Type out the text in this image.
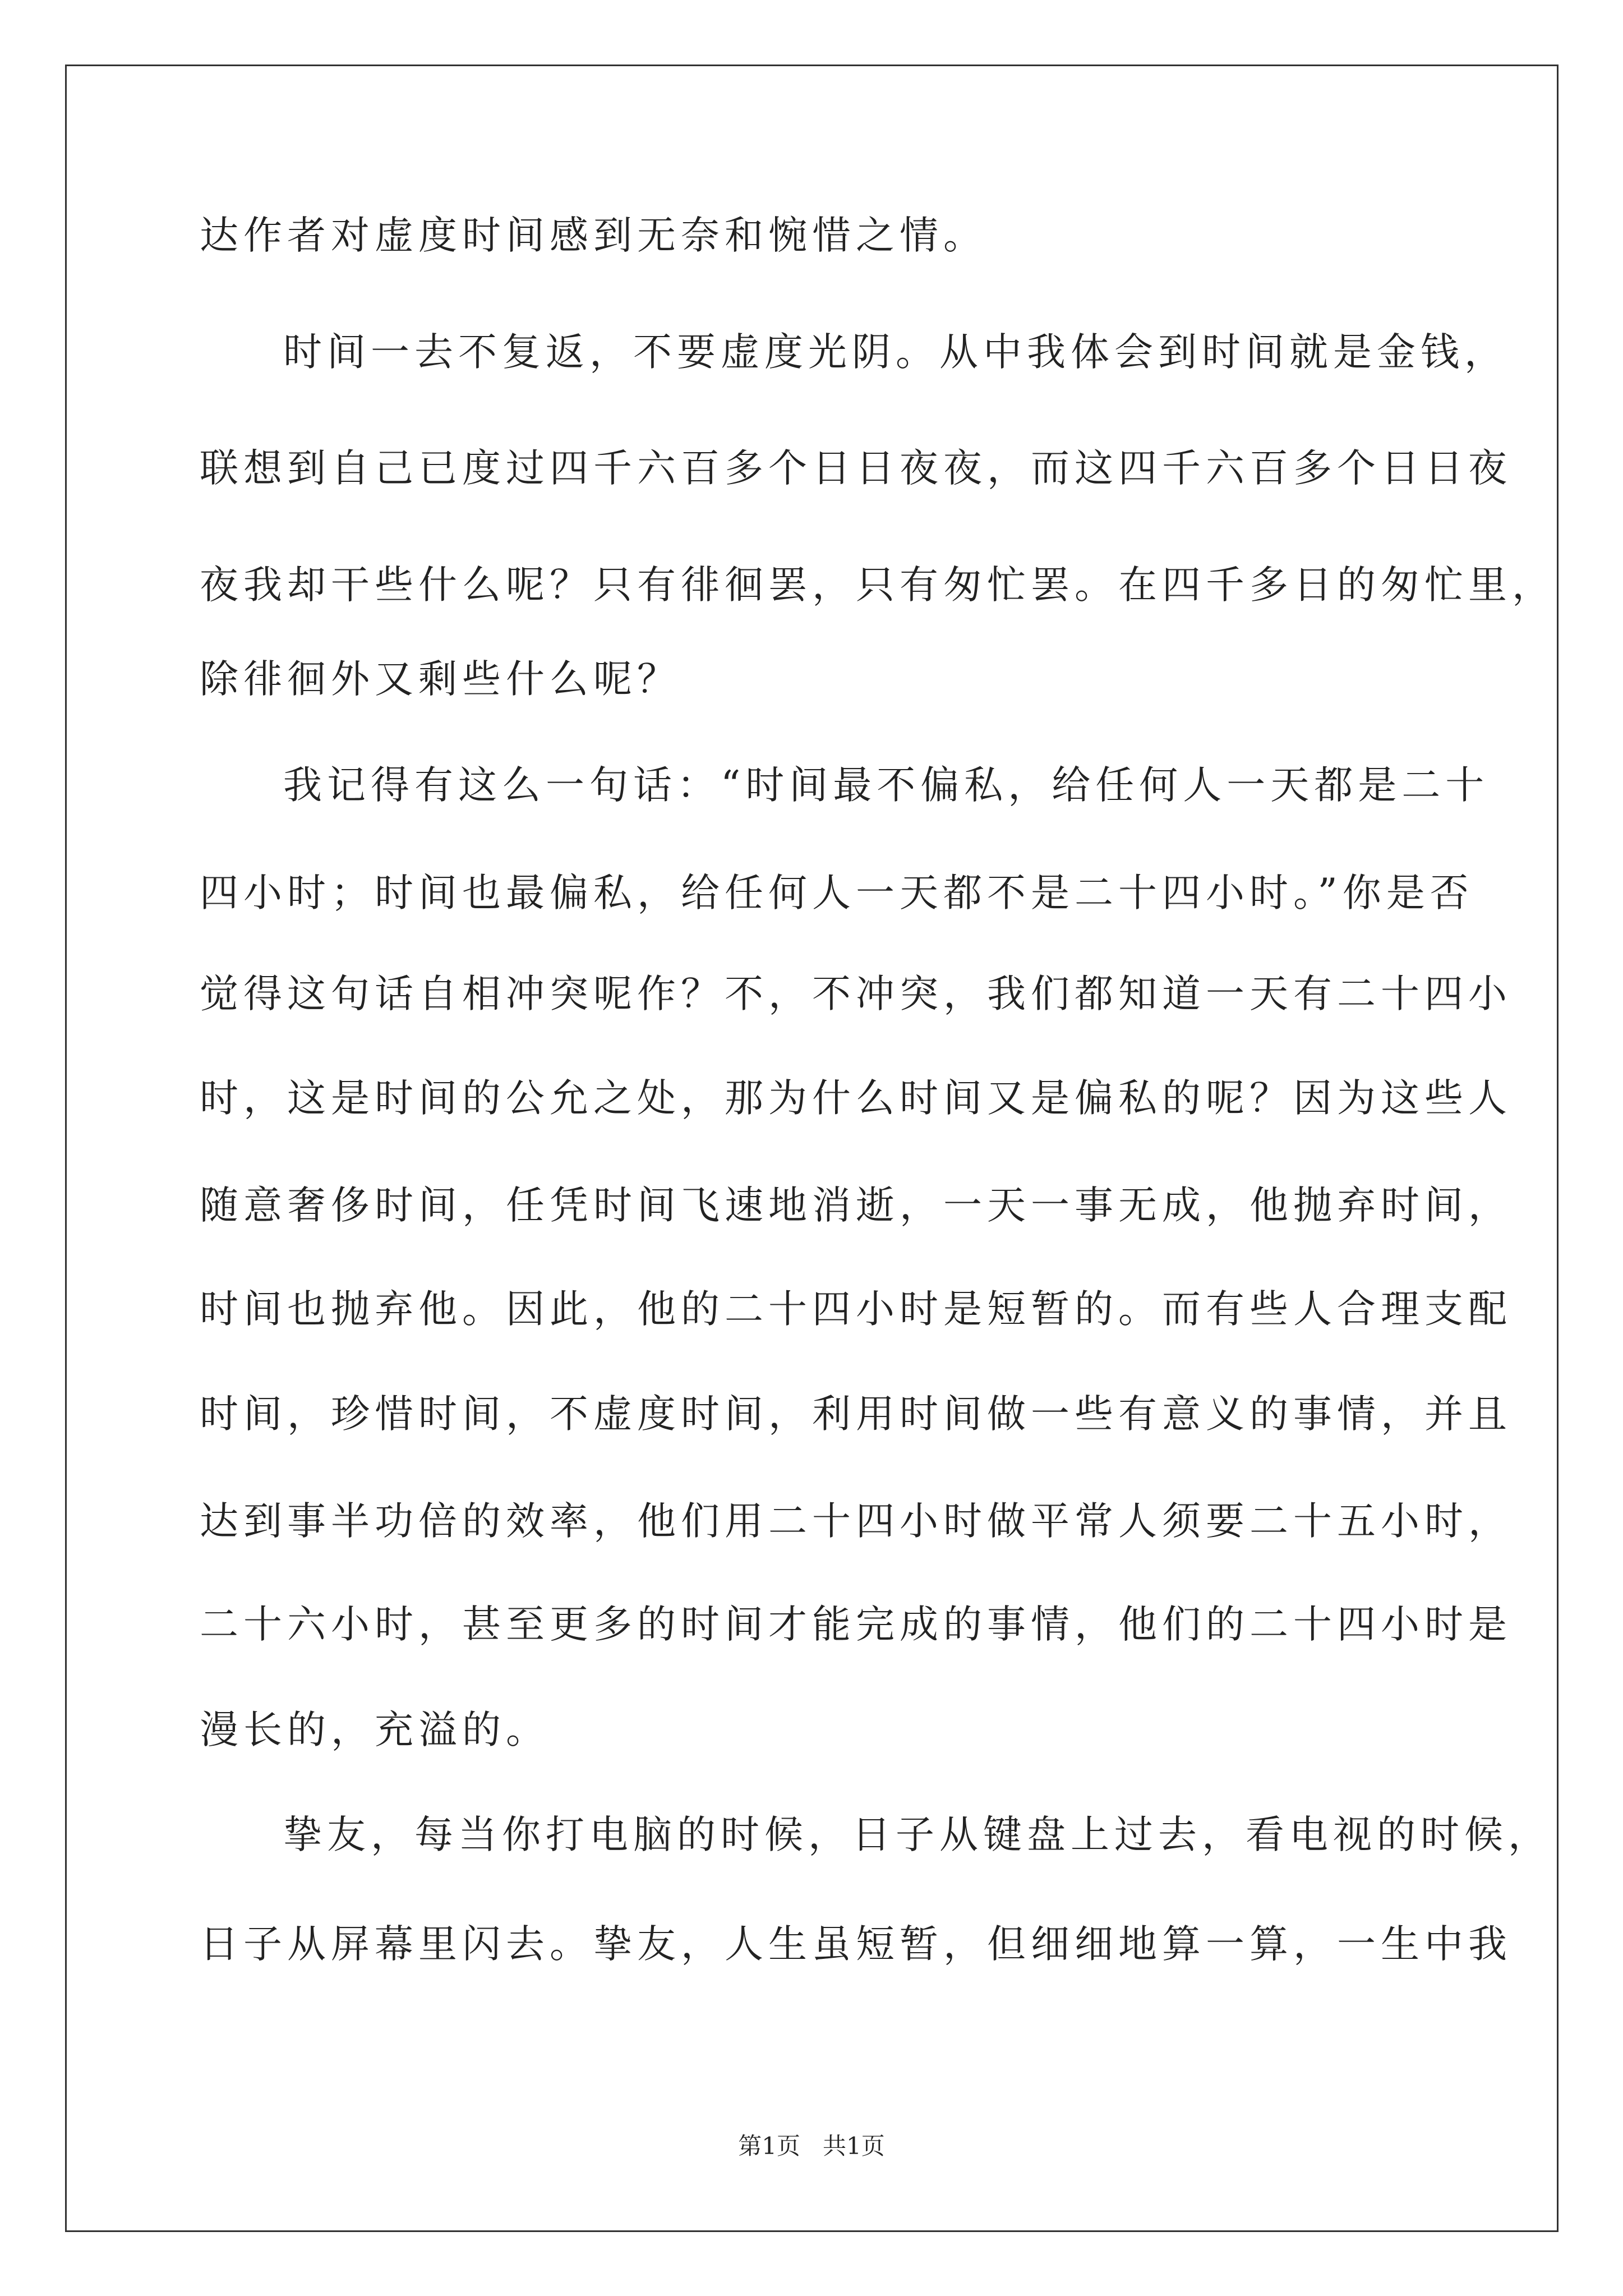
达作者对虚度时间感到无奈和惋惜之情。
时间一去不复返，不要虚度光阴。从中我体会到时间就是金钱，
联想到自己已度过四千六百多个日日夜夜，而这四千六百多个日日夜
夜我却干些什么呢？只有徘徊罢，只有匆忙罢。在四千多日的匆忙里，
除徘徊外又剩些什么呢？
我记得有这么一句话：“时间最不偏私，给任何人一天都是二十
四小时；时间也最偏私，给任何人一天都不是二十四小时。”你是否
觉得这句话自相冲突呢作？不，不冲突，我们都知道一天有二十四小
时，这是时间的公允之处，那为什么时间又是偏私的呢？因为这些人
随意奢侈时间，任凭时间飞速地消逝，一天一事无成，他抛弃时间，
时间也抛弃他。因此，他的二十四小时是短暂的。而有些人合理支配
时间，珍惜时间，不虚度时间，利用时间做一些有意义的事情，并且
达到事半功倍的效率，他们用二十四小时做平常人须要二十五小时，
二十六小时，甚至更多的时间才能完成的事情，他们的二十四小时是
漫长的，充溢的。
挚友，每当你打电脑的时候，日子从键盘上过去，看电视的时候，
日子从屏幕里闪去。挚友，人生虽短暂，但细细地算一算，一生中我
第1页   共1页
